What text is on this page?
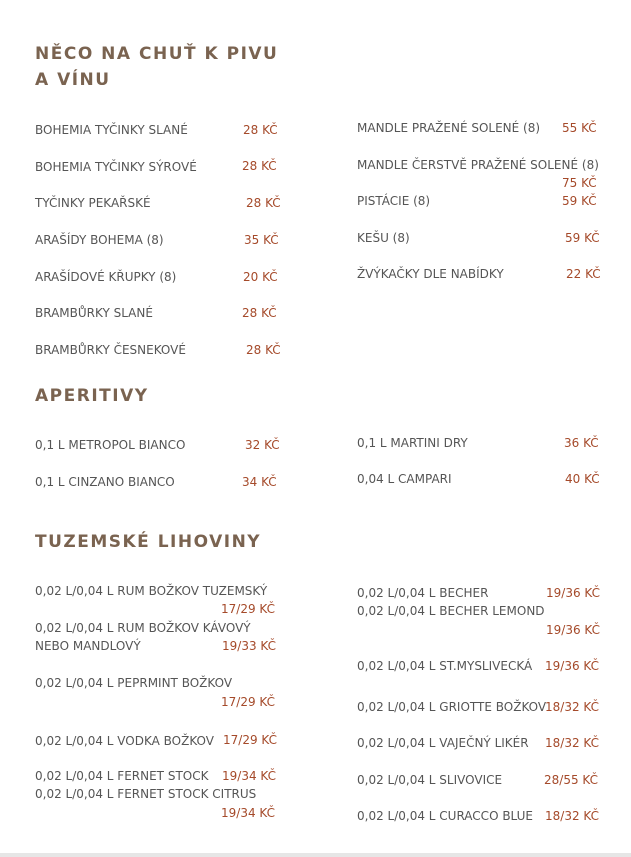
NĚCO NA CHUŤ K PIVU
A VÍNU
BOHEMIA TYČINKY SLANÉ	28 KČ
BOHEMIA TYČINKY SÝROVÉ	28 KČ
TYČINKY PEKAŘSKÉ	28 KČ
ARAŠÍDY BOHEMA (8)	35 KČ
ARAŠÍDOVÉ KŘUPKY (8)	20 KČ
BRAMBŮRKY SLANÉ	28 KČ
BRAMBŮRKY ČESNEKOVÉ	28 KČ
MANDLE PRAŽENÉ SOLENÉ (8) 55 KČ
MANDLE ČERSTVĚ PRAŽENÉ SOLENÉ (8)
75 KČ
PISTÁCIE (8)	59 KČ
KEŠU (8)	59 KČ
ŽVÝKAČKY DLE NABÍDKY	22 KČ
APERITIVY
0,1 L METROPOL BIANCO	32 KČ
0,1 L CINZANO BIANCO	34 KČ
0,1 L MARTINI DRY	36 KČ
0,04 L CAMPARI	40 KČ
TUZEMSKÉ LIHOVINY
0,02 L/0,04 L RUM BOŽKOV TUZEMSKÝ
17/29 KČ
0,02 L/0,04 L RUM BOŽKOV KÁVOVÝ
NEBO MANDLOVÝ	19/33 KČ
0,02 L/0,04 L PEPRMINT BOŽKOV
17/29 KČ
0,02 L/0,04 L VODKA BOŽKOV 17/29 KČ
0,02 L/0,04 L FERNET STOCK 19/34 KČ
0,02 L/0,04 L FERNET STOCK CITRUS
19/34 KČ
0,02 L/0,04 L BECHER	19/36 KČ
0,02 L/0,04 L BECHER LEMOND
19/36 KČ
0,02 L/0,04 L ST.MYSLIVECKÁ 19/36 KČ
0,02 L/0,04 L GRIOTTE BOŽKOV
18/32 KČ
0,02 L/0,04 L VAJEČNÝ LIKÉR 18/32 KČ
0,02 L/0,04 L SLIVOVICE	28/55 KČ
0,02 L/0,04 L CURACCO BLUE 18/32 KČ
